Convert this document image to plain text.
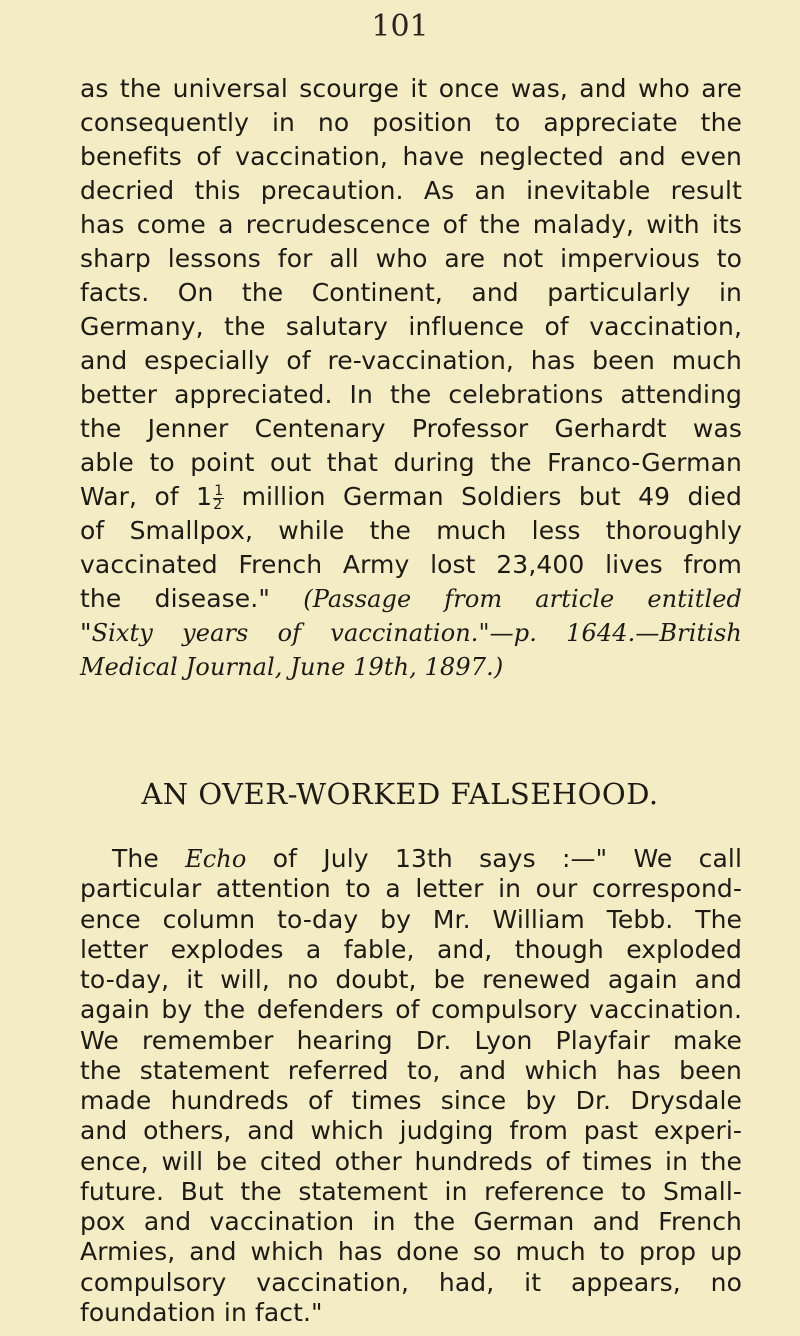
101
as the universal scourge it once was, and who are
consequently in no position to appreciate the
benefits of vaccination, have neglected and even
decried this precaution. As an inevitable result
has come a recrudescence of the malady, with its
sharp lessons for all who are not impervious to
facts. On the Continent, and particularly in
Germany, the salutary influence of vaccination,
and especially of re-vaccination, has been much
better appreciated. In the celebrations attending
the Jenner Centenary Professor Gerhardt was
able to point out that during the Franco-German
War, of $1 \frac{1}{2}$ million German Soldiers but 49 died
of Smallpox, while the much less thoroughly
vaccinated French Army lost 23,400 lives from
the disease." (Passage from article entitled
"Sixty years of vaccination."—p. 1644.—British
Medical Journal, June 19th, 1897.)
AN OVER-WORKED FALSEHOOD.
The Echo of July 13th says :—" We call
particular attention to a letter in our correspond-
ence column to-day by Mr. William Tebb. The
letter explodes a fable, and, though exploded
to-day, it will, no doubt, be renewed again and
again by the defenders of compulsory vaccination.
We remember hearing Dr. Lyon Playfair make
the statement referred to, and which has been
made hundreds of times since by Dr. Drysdale
and others, and which judging from past experi-
ence, will be cited other hundreds of times in the
future. But the statement in reference to Small-
pox and vaccination in the German and French
Armies, and which has done so much to prop up
compulsory vaccination, had, it appears, no
foundation in fact."
